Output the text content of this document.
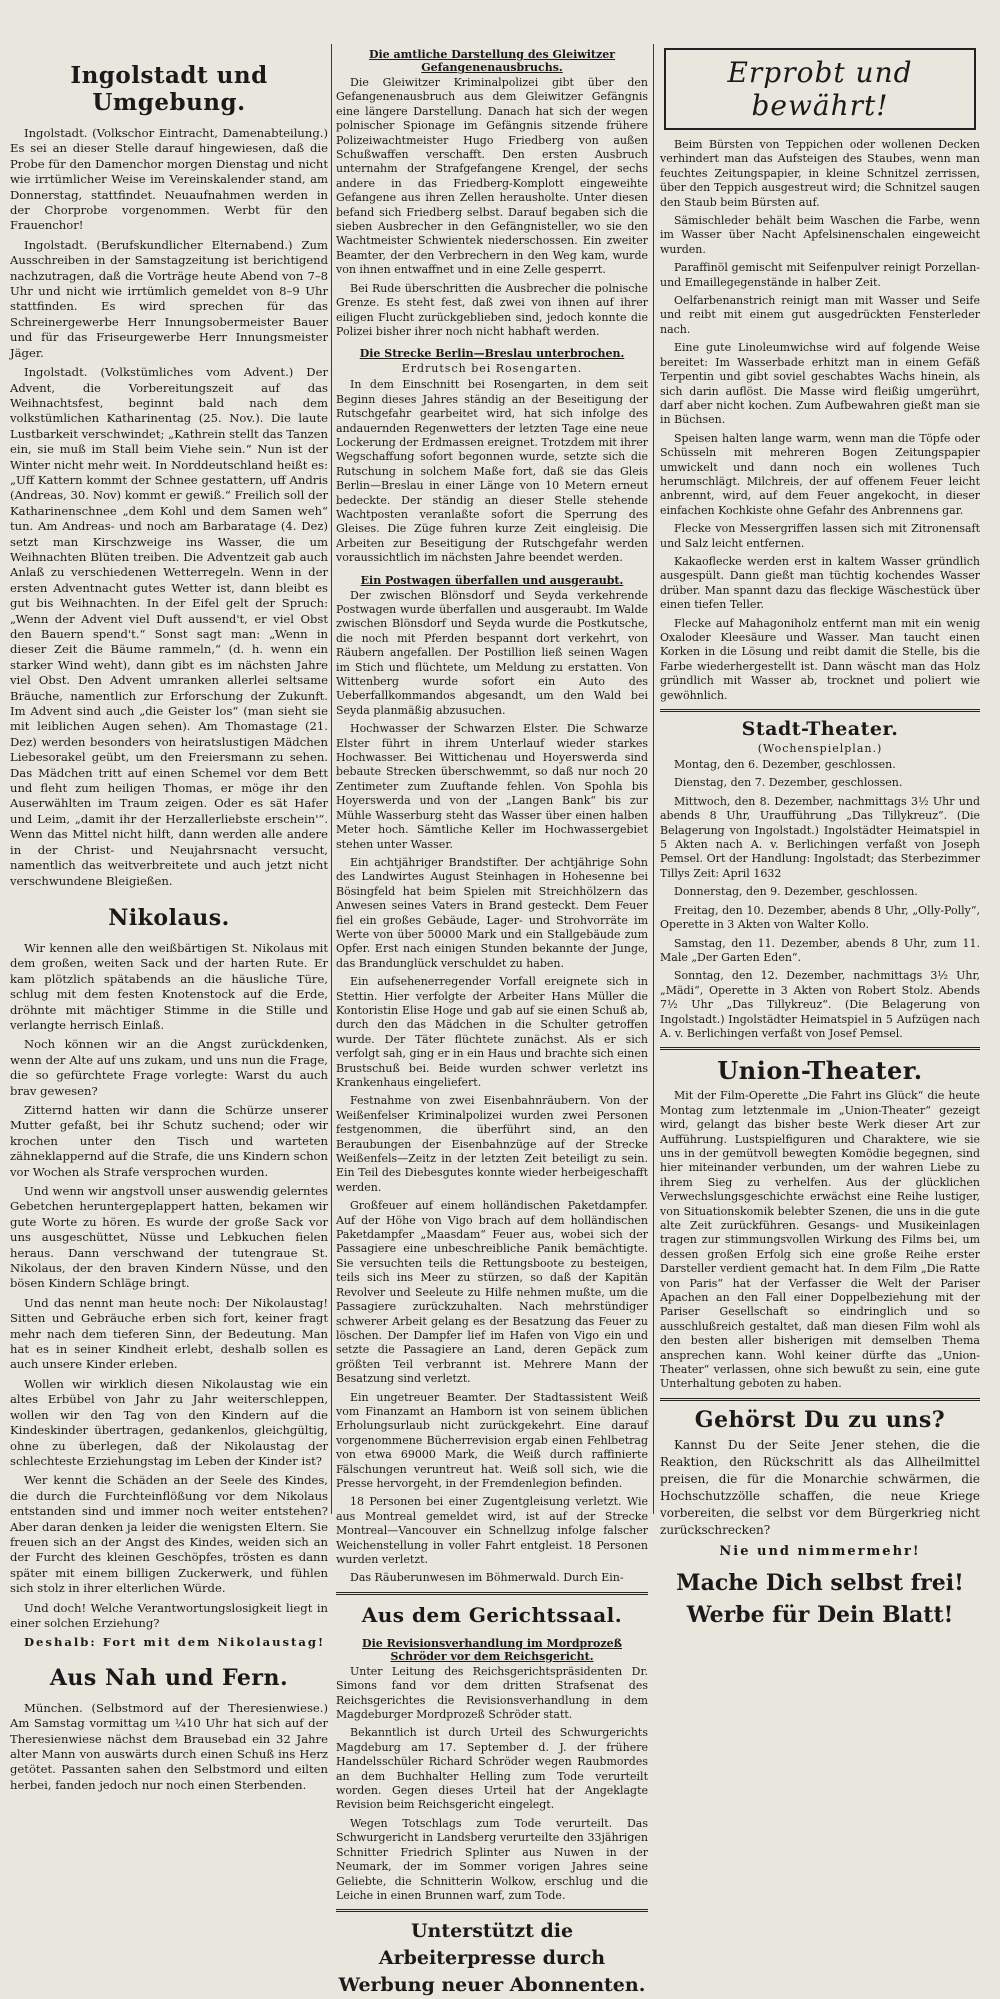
Ingolstadt und Umgebung.

Ingolstadt. (Volkschor Eintracht, Damenabteilung.) Es sei an dieser Stelle darauf hingewiesen, daß die Probe für den Damenchor morgen Dienstag und nicht wie irrtümlicher Weise im Vereinskalender stand, am Donnerstag, stattfindet. Neuaufnahmen werden in der Chorprobe vorgenommen. Werbt für den Frauenchor!

Ingolstadt. (Berufskundlicher Elternabend.) Zum Ausschreiben in der Samstagzeitung ist berichtigend nachzutragen, daß die Vorträge heute Abend von 7–8 Uhr und nicht wie irrtümlich gemeldet von 8–9 Uhr stattfinden. Es wird sprechen für das Schreinergewerbe Herr Innungsobermeister Bauer und für das Friseurgewerbe Herr Innungsmeister Jäger.

Ingolstadt. (Volkstümliches vom Advent.) Der Advent, die Vorbereitungszeit auf das Weihnachtsfest, beginnt bald nach dem volkstümlichen Katharinentag (25. Nov.). Die laute Lustbarkeit verschwindet; „Kathrein stellt das Tanzen ein, sie muß im Stall beim Viehe sein.“ Nun ist der Winter nicht mehr weit. In Norddeutschland heißt es: „Uff Kattern kommt der Schnee gestattern, uff Andris (Andreas, 30. Nov) kommt er gewiß.“ Freilich soll der Katharinenschnee „dem Kohl und dem Samen weh“ tun. Am Andreas- und noch am Barbaratage (4. Dez) setzt man Kirschzweige ins Wasser, die um Weihnachten Blüten treiben. Die Adventzeit gab auch Anlaß zu verschiedenen Wetterregeln. Wenn in der ersten Adventnacht gutes Wetter ist, dann bleibt es gut bis Weihnachten. In der Eifel gelt der Spruch: „Wenn der Advent viel Duft aussend't, er viel Obst den Bauern spend't.“ Sonst sagt man: „Wenn in dieser Zeit die Bäume rammeln,“ (d. h. wenn ein starker Wind weht), dann gibt es im nächsten Jahre viel Obst. Den Advent umranken allerlei seltsame Bräuche, namentlich zur Erforschung der Zukunft. Im Advent sind auch „die Geister los“ (man sieht sie mit leiblichen Augen sehen). Am Thomastage (21. Dez) werden besonders von heiratslustigen Mädchen Liebesorakel geübt, um den Freiersmann zu sehen. Das Mädchen tritt auf einen Schemel vor dem Bett und fleht zum heiligen Thomas, er möge ihr den Auserwählten im Traum zeigen. Oder es sät Hafer und Leim, „damit ihr der Herzallerliebste erschein'“. Wenn das Mittel nicht hilft, dann werden alle andere in der Christ- und Neujahrsnacht versucht, namentlich das weitverbreitete und auch jetzt nicht verschwundene Bleigießen.

Nikolaus.

Wir kennen alle den weißbärtigen St. Nikolaus mit dem großen, weiten Sack und der harten Rute. Er kam plötzlich spätabends an die häusliche Türe, schlug mit dem festen Knotenstock auf die Erde, dröhnte mit mächtiger Stimme in die Stille und verlangte herrisch Einlaß.

Noch können wir an die Angst zurückdenken, wenn der Alte auf uns zukam, und uns nun die Frage, die so gefürchtete Frage vorlegte: Warst du auch brav gewesen?

Zitternd hatten wir dann die Schürze unserer Mutter gefaßt, bei ihr Schutz suchend; oder wir krochen unter den Tisch und warteten zähneklappernd auf die Strafe, die uns Kindern schon vor Wochen als Strafe versprochen wurden.

Und wenn wir angstvoll unser auswendig gelerntes Gebetchen heruntergeplappert hatten, bekamen wir gute Worte zu hören. Es wurde der große Sack vor uns ausgeschüttet, Nüsse und Lebkuchen fielen heraus. Dann verschwand der tutengraue St. Nikolaus, der den braven Kindern Nüsse, und den bösen Kindern Schläge bringt.

Und das nennt man heute noch: Der Nikolaustag! Sitten und Gebräuche erben sich fort, keiner fragt mehr nach dem tieferen Sinn, der Bedeutung. Man hat es in seiner Kindheit erlebt, deshalb sollen es auch unsere Kinder erleben.

Wollen wir wirklich diesen Nikolaustag wie ein altes Erbübel von Jahr zu Jahr weiterschleppen, wollen wir den Tag von den Kindern auf die Kindeskinder übertragen, gedankenlos, gleichgültig, ohne zu überlegen, daß der Nikolaustag der schlechteste Erziehungstag im Leben der Kinder ist?

Wer kennt die Schäden an der Seele des Kindes, die durch die Furchteinflößung vor dem Nikolaus entstanden sind und immer noch weiter entstehen? Aber daran denken ja leider die wenigsten Eltern. Sie freuen sich an der Angst des Kindes, weiden sich an der Furcht des kleinen Geschöpfes, trösten es dann später mit einem billigen Zuckerwerk, und fühlen sich stolz in ihrer elterlichen Würde.

Und doch! Welche Verantwortungslosigkeit liegt in einer solchen Erziehung?

Deshalb: Fort mit dem Nikolaustag!

Aus Nah und Fern.

München. (Selbstmord auf der Theresienwiese.) Am Samstag vormittag um ¼10 Uhr hat sich auf der Theresienwiese nächst dem Brausebad ein 32 Jahre alter Mann von auswärts durch einen Schuß ins Herz getötet. Passanten sahen den Selbstmord und eilten herbei, fanden jedoch nur noch einen Sterbenden.

Die amtliche Darstellung des Gleiwitzer Gefangenenausbruchs.

Die Gleiwitzer Kriminalpolizei gibt über den Gefangenenausbruch aus dem Gleiwitzer Gefängnis eine längere Darstellung. Danach hat sich der wegen polnischer Spionage im Gefängnis sitzende frühere Polizeiwachtmeister Hugo Friedberg von außen Schußwaffen verschafft. Den ersten Ausbruch unternahm der Strafgefangene Krengel, der sechs andere in das Friedberg-Komplott eingeweihte Gefangene aus ihren Zellen herausholte. Unter diesen befand sich Friedberg selbst. Darauf begaben sich die sieben Ausbrecher in den Gefängnisteller, wo sie den Wachtmeister Schwientek niederschossen. Ein zweiter Beamter, der den Verbrechern in den Weg kam, wurde von ihnen entwaffnet und in eine Zelle gesperrt.

Bei Rude überschritten die Ausbrecher die polnische Grenze. Es steht fest, daß zwei von ihnen auf ihrer eiligen Flucht zurückgeblieben sind, jedoch konnte die Polizei bisher ihrer noch nicht habhaft werden.

Die Strecke Berlin—Breslau unterbrochen.
Erdrutsch bei Rosengarten.

In dem Einschnitt bei Rosengarten, in dem seit Beginn dieses Jahres ständig an der Beseitigung der Rutschgefahr gearbeitet wird, hat sich infolge des andauernden Regenwetters der letzten Tage eine neue Lockerung der Erdmassen ereignet. Trotzdem mit ihrer Wegschaffung sofort begonnen wurde, setzte sich die Rutschung in solchem Maße fort, daß sie das Gleis Berlin—Breslau in einer Länge von 10 Metern erneut bedeckte. Der ständig an dieser Stelle stehende Wachtposten veranlaßte sofort die Sperrung des Gleises. Die Züge fuhren kurze Zeit eingleisig. Die Arbeiten zur Beseitigung der Rutschgefahr werden voraussichtlich im nächsten Jahre beendet werden.

Ein Postwagen überfallen und ausgeraubt.

Der zwischen Blönsdorf und Seyda verkehrende Postwagen wurde überfallen und ausgeraubt. Im Walde zwischen Blönsdorf und Seyda wurde die Postkutsche, die noch mit Pferden bespannt dort verkehrt, von Räubern angefallen. Der Postillion ließ seinen Wagen im Stich und flüchtete, um Meldung zu erstatten. Von Wittenberg wurde sofort ein Auto des Ueberfallkommandos abgesandt, um den Wald bei Seyda planmäßig abzusuchen.

Hochwasser der Schwarzen Elster. Die Schwarze Elster führt in ihrem Unterlauf wieder starkes Hochwasser. Bei Wittichenau und Hoyerswerda sind bebaute Strecken überschwemmt, so daß nur noch 20 Zentimeter zum Zuuftande fehlen. Von Spohla bis Hoyerswerda und von der „Langen Bank“ bis zur Mühle Wasserburg steht das Wasser über einen halben Meter hoch. Sämtliche Keller im Hochwassergebiet stehen unter Wasser.

Ein achtjähriger Brandstifter. Der achtjährige Sohn des Landwirtes August Steinhagen in Hohesenne bei Bösingfeld hat beim Spielen mit Streichhölzern das Anwesen seines Vaters in Brand gesteckt. Dem Feuer fiel ein großes Gebäude, Lager- und Strohvorräte im Werte von über 50000 Mark und ein Stallgebäude zum Opfer. Erst nach einigen Stunden bekannte der Junge, das Brandunglück verschuldet zu haben.

Ein aufsehenerregender Vorfall ereignete sich in Stettin. Hier verfolgte der Arbeiter Hans Müller die Kontoristin Elise Hoge und gab auf sie einen Schuß ab, durch den das Mädchen in die Schulter getroffen wurde. Der Täter flüchtete zunächst. Als er sich verfolgt sah, ging er in ein Haus und brachte sich einen Brustschuß bei. Beide wurden schwer verletzt ins Krankenhaus eingeliefert.

Festnahme von zwei Eisenbahnräubern. Von der Weißenfelser Kriminalpolizei wurden zwei Personen festgenommen, die überführt sind, an den Beraubungen der Eisenbahnzüge auf der Strecke Weißenfels—Zeitz in der letzten Zeit beteiligt zu sein. Ein Teil des Diebesgutes konnte wieder herbeigeschafft werden.

Großfeuer auf einem holländischen Paketdampfer. Auf der Höhe von Vigo brach auf dem holländischen Paketdampfer „Maasdam“ Feuer aus, wobei sich der Passagiere eine unbeschreibliche Panik bemächtigte. Sie versuchten teils die Rettungsboote zu besteigen, teils sich ins Meer zu stürzen, so daß der Kapitän Revolver und Seeleute zu Hilfe nehmen mußte, um die Passagiere zurückzuhalten. Nach mehrstündiger schwerer Arbeit gelang es der Besatzung das Feuer zu löschen. Der Dampfer lief im Hafen von Vigo ein und setzte die Passagiere an Land, deren Gepäck zum größten Teil verbrannt ist. Mehrere Mann der Besatzung sind verletzt.

Ein ungetreuer Beamter. Der Stadtassistent Weiß vom Finanzamt an Hamborn ist von seinem üblichen Erholungsurlaub nicht zurückgekehrt. Eine darauf vorgenommene Bücherrevision ergab einen Fehlbetrag von etwa 69000 Mark, die Weiß durch raffinierte Fälschungen veruntreut hat. Weiß soll sich, wie die Presse hervorgeht, in der Fremdenlegion befinden.

18 Personen bei einer Zugentgleisung verletzt. Wie aus Montreal gemeldet wird, ist auf der Strecke Montreal—Vancouver ein Schnellzug infolge falscher Weichenstellung in voller Fahrt entgleist. 18 Personen wurden verletzt.

Das Räuberunwesen im Böhmerwald. Durch Ein-

Aus dem Gerichtssaal.
Die Revisionsverhandlung im Mordprozeß Schröder vor dem Reichsgericht.

Unter Leitung des Reichsgerichtspräsidenten Dr. Simons fand vor dem dritten Strafsenat des Reichsgerichtes die Revisionsverhandlung in dem Magdeburger Mordprozeß Schröder statt.

Bekanntlich ist durch Urteil des Schwurgerichts Magdeburg am 17. September d. J. der frühere Handelsschüler Richard Schröder wegen Raubmordes an dem Buchhalter Helling zum Tode verurteilt worden. Gegen dieses Urteil hat der Angeklagte Revision beim Reichsgericht eingelegt.

Wegen Totschlags zum Tode verurteilt. Das Schwurgericht in Landsberg verurteilte den 33jährigen Schnitter Friedrich Splinter aus Nuwen in der Neumark, der im Sommer vorigen Jahres seine Geliebte, die Schnitterin Wolkow, erschlug und die Leiche in einen Brunnen warf, zum Tode.

Unterstützt die Arbeiterpresse durch Werbung neuer Abonnenten.
Erprobt und bewährt!

Beim Bürsten von Teppichen oder wollenen Decken verhindert man das Aufsteigen des Staubes, wenn man feuchtes Zeitungspapier, in kleine Schnitzel zerrissen, über den Teppich ausgestreut wird; die Schnitzel saugen den Staub beim Bürsten auf.

Sämischleder behält beim Waschen die Farbe, wenn im Wasser über Nacht Apfelsinenschalen eingeweicht wurden.

Paraffinöl gemischt mit Seifenpulver reinigt Porzellan- und Emaillegegenstände in halber Zeit.

Oelfarbenanstrich reinigt man mit Wasser und Seife und reibt mit einem gut ausgedrückten Fensterleder nach.

Eine gute Linoleumwichse wird auf folgende Weise bereitet: Im Wasserbade erhitzt man in einem Gefäß Terpentin und gibt soviel geschabtes Wachs hinein, als sich darin auflöst. Die Masse wird fleißig umgerührt, darf aber nicht kochen. Zum Aufbewahren gießt man sie in Büchsen.

Speisen halten lange warm, wenn man die Töpfe oder Schüsseln mit mehreren Bogen Zeitungspapier umwickelt und dann noch ein wollenes Tuch herumschlägt. Milchreis, der auf offenem Feuer leicht anbrennt, wird, auf dem Feuer angekocht, in dieser einfachen Kochkiste ohne Gefahr des Anbrennens gar.

Flecke von Messergriffen lassen sich mit Zitronensaft und Salz leicht entfernen.

Kakaoflecke werden erst in kaltem Wasser gründlich ausgespült. Dann gießt man tüchtig kochendes Wasser drüber. Man spannt dazu das fleckige Wäschestück über einen tiefen Teller.

Flecke auf Mahagoniholz entfernt man mit ein wenig Oxaloder Kleesäure und Wasser. Man taucht einen Korken in die Lösung und reibt damit die Stelle, bis die Farbe wiederhergestellt ist. Dann wäscht man das Holz gründlich mit Wasser ab, trocknet und poliert wie gewöhnlich.

Stadt-Theater.
(Wochenspielplan.)

Montag, den 6. Dezember, geschlossen.

Dienstag, den 7. Dezember, geschlossen.

Mittwoch, den 8. Dezember, nachmittags 3½ Uhr und abends 8 Uhr, Uraufführung „Das Tillykreuz“. (Die Belagerung von Ingolstadt.) Ingolstädter Heimatspiel in 5 Akten nach A. v. Berlichingen verfaßt von Joseph Pemsel. Ort der Handlung: Ingolstadt; das Sterbezimmer Tillys Zeit: April 1632

Donnerstag, den 9. Dezember, geschlossen.

Freitag, den 10. Dezember, abends 8 Uhr, „Olly-Polly“, Operette in 3 Akten von Walter Kollo.

Samstag, den 11. Dezember, abends 8 Uhr, zum 11. Male „Der Garten Eden“.

Sonntag, den 12. Dezember, nachmittags 3½ Uhr, „Mädi“, Operette in 3 Akten von Robert Stolz. Abends 7½ Uhr „Das Tillykreuz“. (Die Belagerung von Ingolstadt.) Ingolstädter Heimatspiel in 5 Aufzügen nach A. v. Berlichingen verfaßt von Josef Pemsel.

Union-Theater.

Mit der Film-Operette „Die Fahrt ins Glück“ die heute Montag zum letztenmale im „Union-Theater“ gezeigt wird, gelangt das bisher beste Werk dieser Art zur Aufführung. Lustspielfiguren und Charaktere, wie sie uns in der gemütvoll bewegten Komödie begegnen, sind hier miteinander verbunden, um der wahren Liebe zu ihrem Sieg zu verhelfen. Aus der glücklichen Verwechslungsgeschichte erwächst eine Reihe lustiger, von Situationskomik belebter Szenen, die uns in die gute alte Zeit zurückführen. Gesangs- und Musikeinlagen tragen zur stimmungsvollen Wirkung des Films bei, um dessen großen Erfolg sich eine große Reihe erster Darsteller verdient gemacht hat. In dem Film „Die Ratte von Paris“ hat der Verfasser die Welt der Pariser Apachen an den Fall einer Doppelbeziehung mit der Pariser Gesellschaft so eindringlich und so ausschlußreich gestaltet, daß man diesen Film wohl als den besten aller bisherigen mit demselben Thema ansprechen kann. Wohl keiner dürfte das „Union-Theater“ verlassen, ohne sich bewußt zu sein, eine gute Unterhaltung geboten zu haben.

Gehörst Du zu uns?

Kannst Du der Seite Jener stehen, die die Reaktion, den Rückschritt als das Allheilmittel preisen, die für die Monarchie schwärmen, die Hochschutzzölle schaffen, die neue Kriege vorbereiten, die selbst vor dem Bürgerkrieg nicht zurückschrecken?

Nie und nimmermehr!

Mache Dich selbst frei! Werbe für Dein Blatt!
